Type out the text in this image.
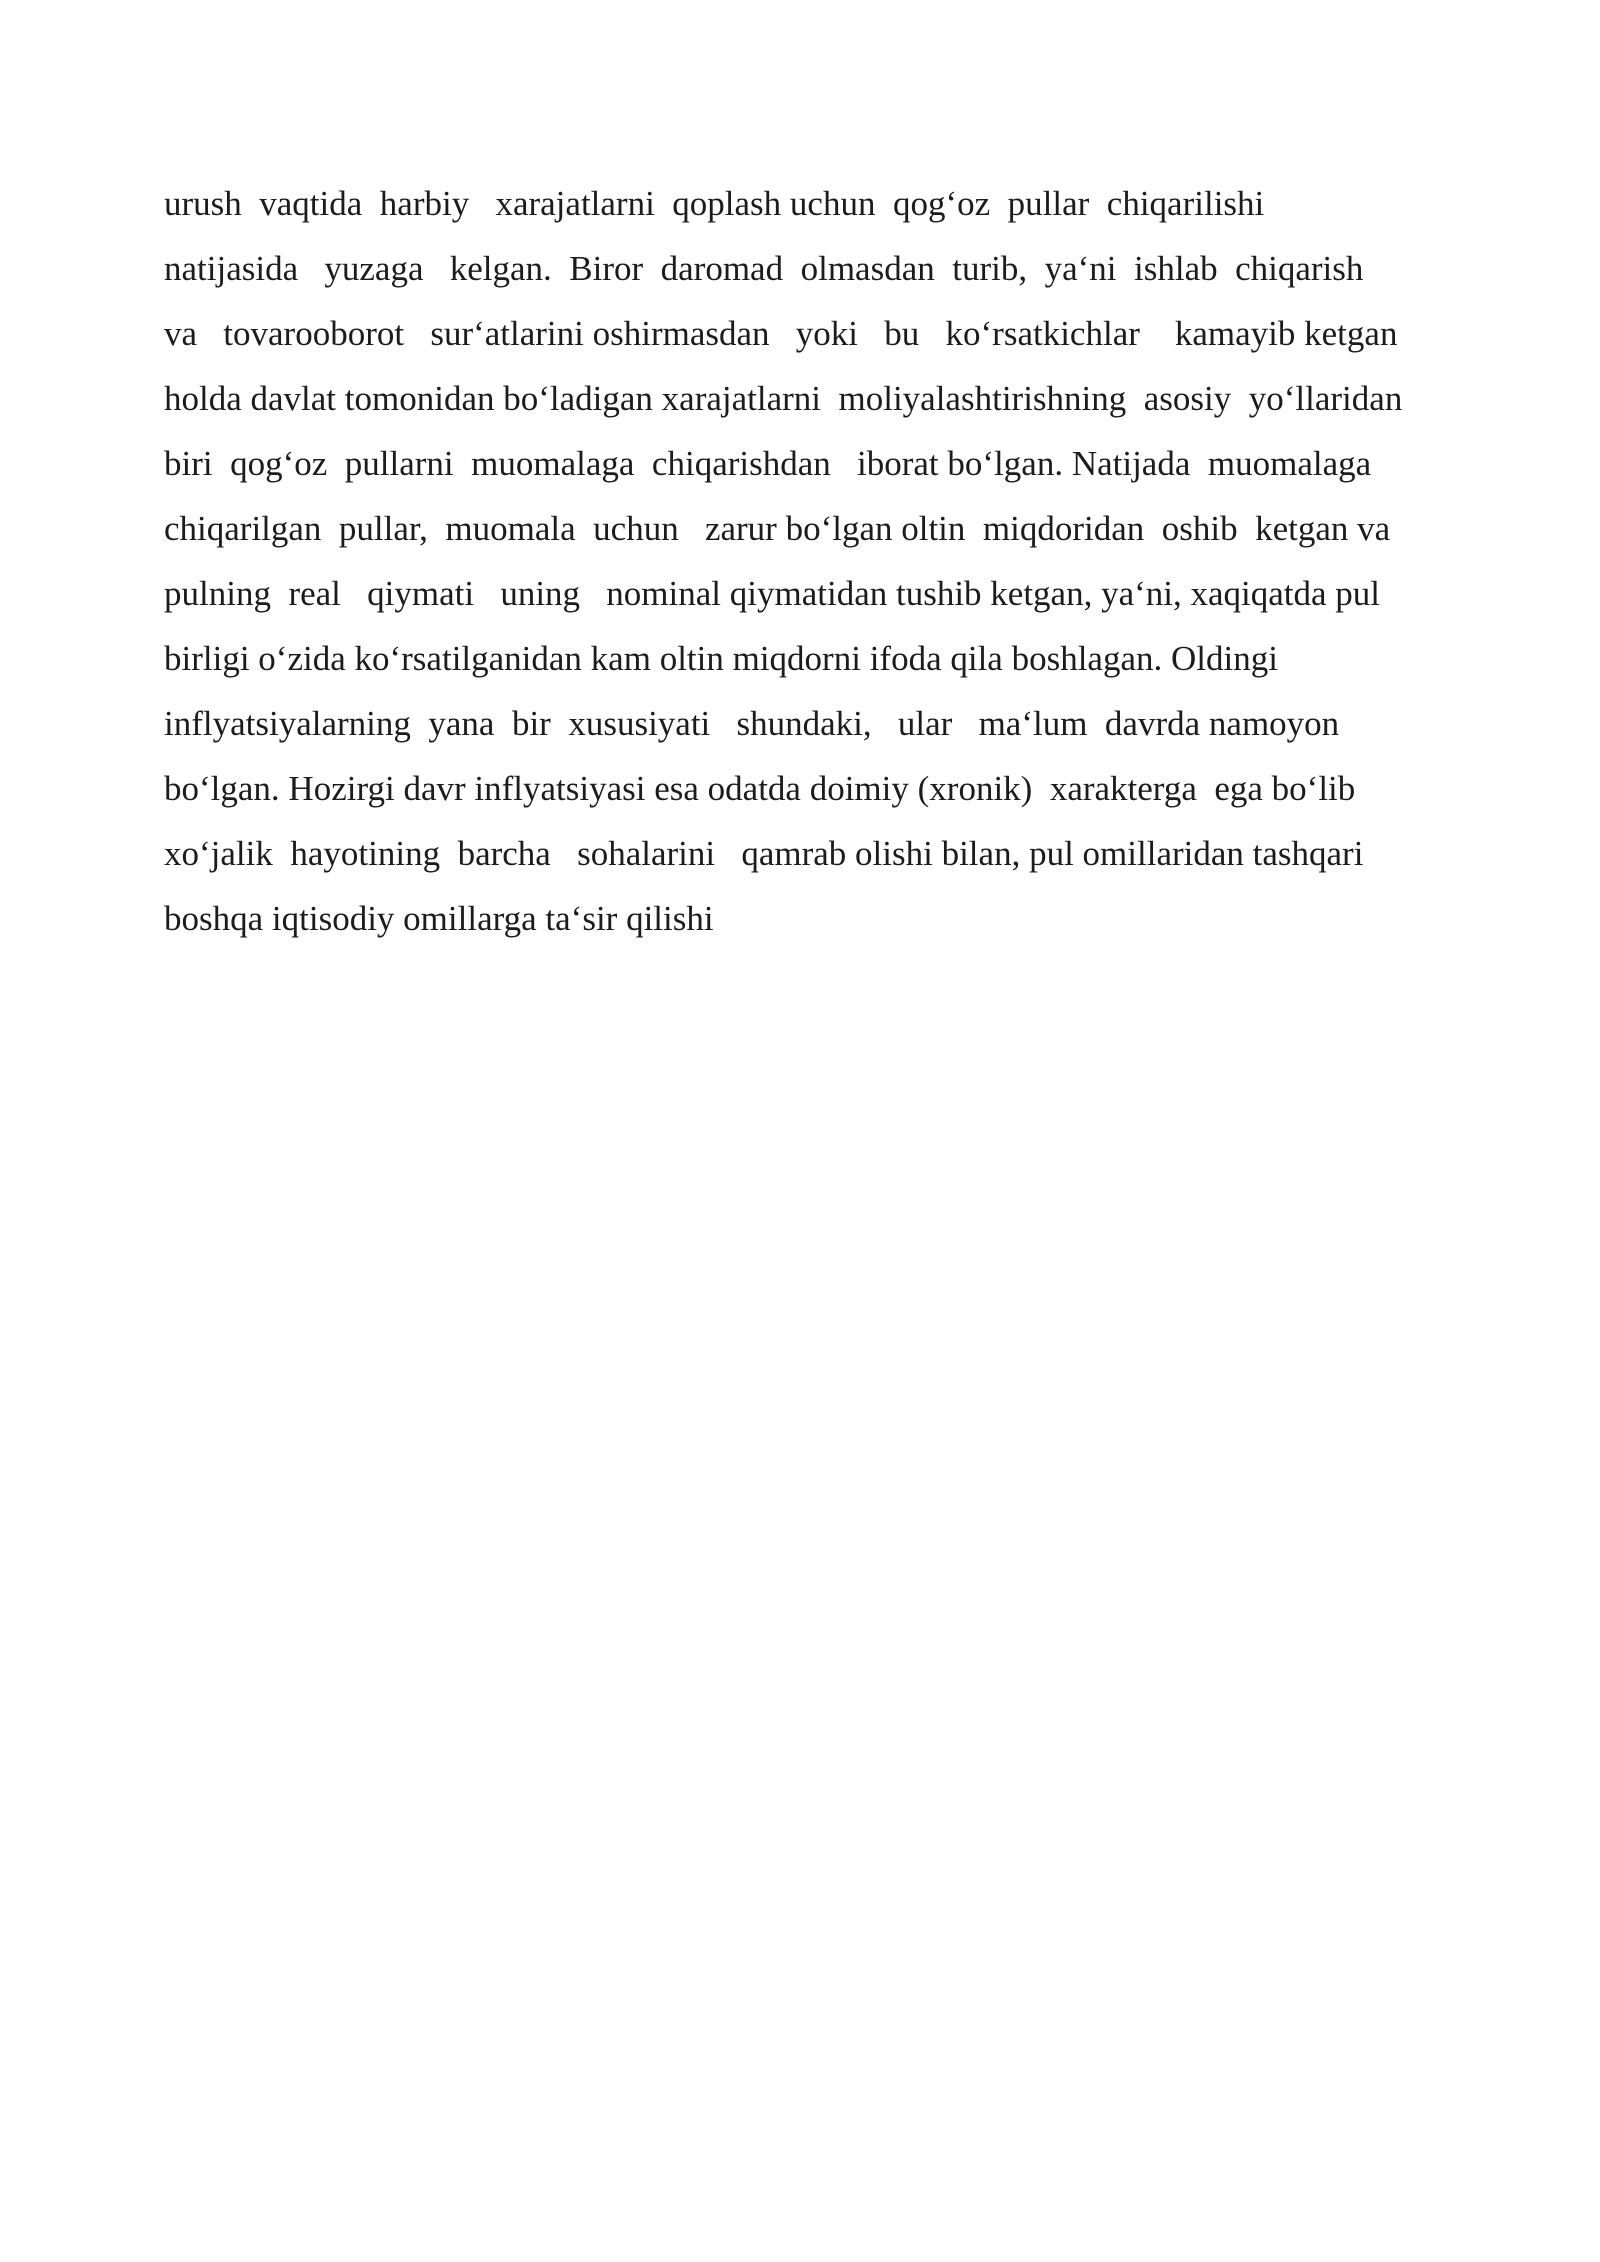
urush  vaqtida  harbiy   xarajatlarni  qoplash uchun  qog‘oz  pullar  chiqarilishi

natijasida   yuzaga   kelgan.  Biror  daromad  olmasdan  turib,  ya‘ni  ishlab  chiqarish

va   tovarooborot   sur‘atlarini oshirmasdan   yoki   bu   ko‘rsatkichlar    kamayib ketgan

holda davlat tomonidan bo‘ladigan xarajatlarni  moliyalashtirishning  asosiy  yo‘llaridan

biri  qog‘oz  pullarni  muomalaga  chiqarishdan   iborat bo‘lgan. Natijada  muomalaga

chiqarilgan  pullar,  muomala  uchun   zarur bo‘lgan oltin  miqdoridan  oshib  ketgan va

pulning  real   qiymati   uning   nominal qiymatidan tushib ketgan, ya‘ni, xaqiqatda pul

birligi o‘zida ko‘rsatilganidan kam oltin miqdorni ifoda qila boshlagan. Oldingi

inflyatsiyalarning  yana  bir  xususiyati   shundaki,   ular   ma‘lum  davrda namoyon

bo‘lgan. Hozirgi davr inflyatsiyasi esa odatda doimiy (xronik)  xarakterga  ega bo‘lib

xo‘jalik  hayotining  barcha   sohalarini   qamrab olishi bilan, pul omillaridan tashqari

boshqa iqtisodiy omillarga ta‘sir qilishi
